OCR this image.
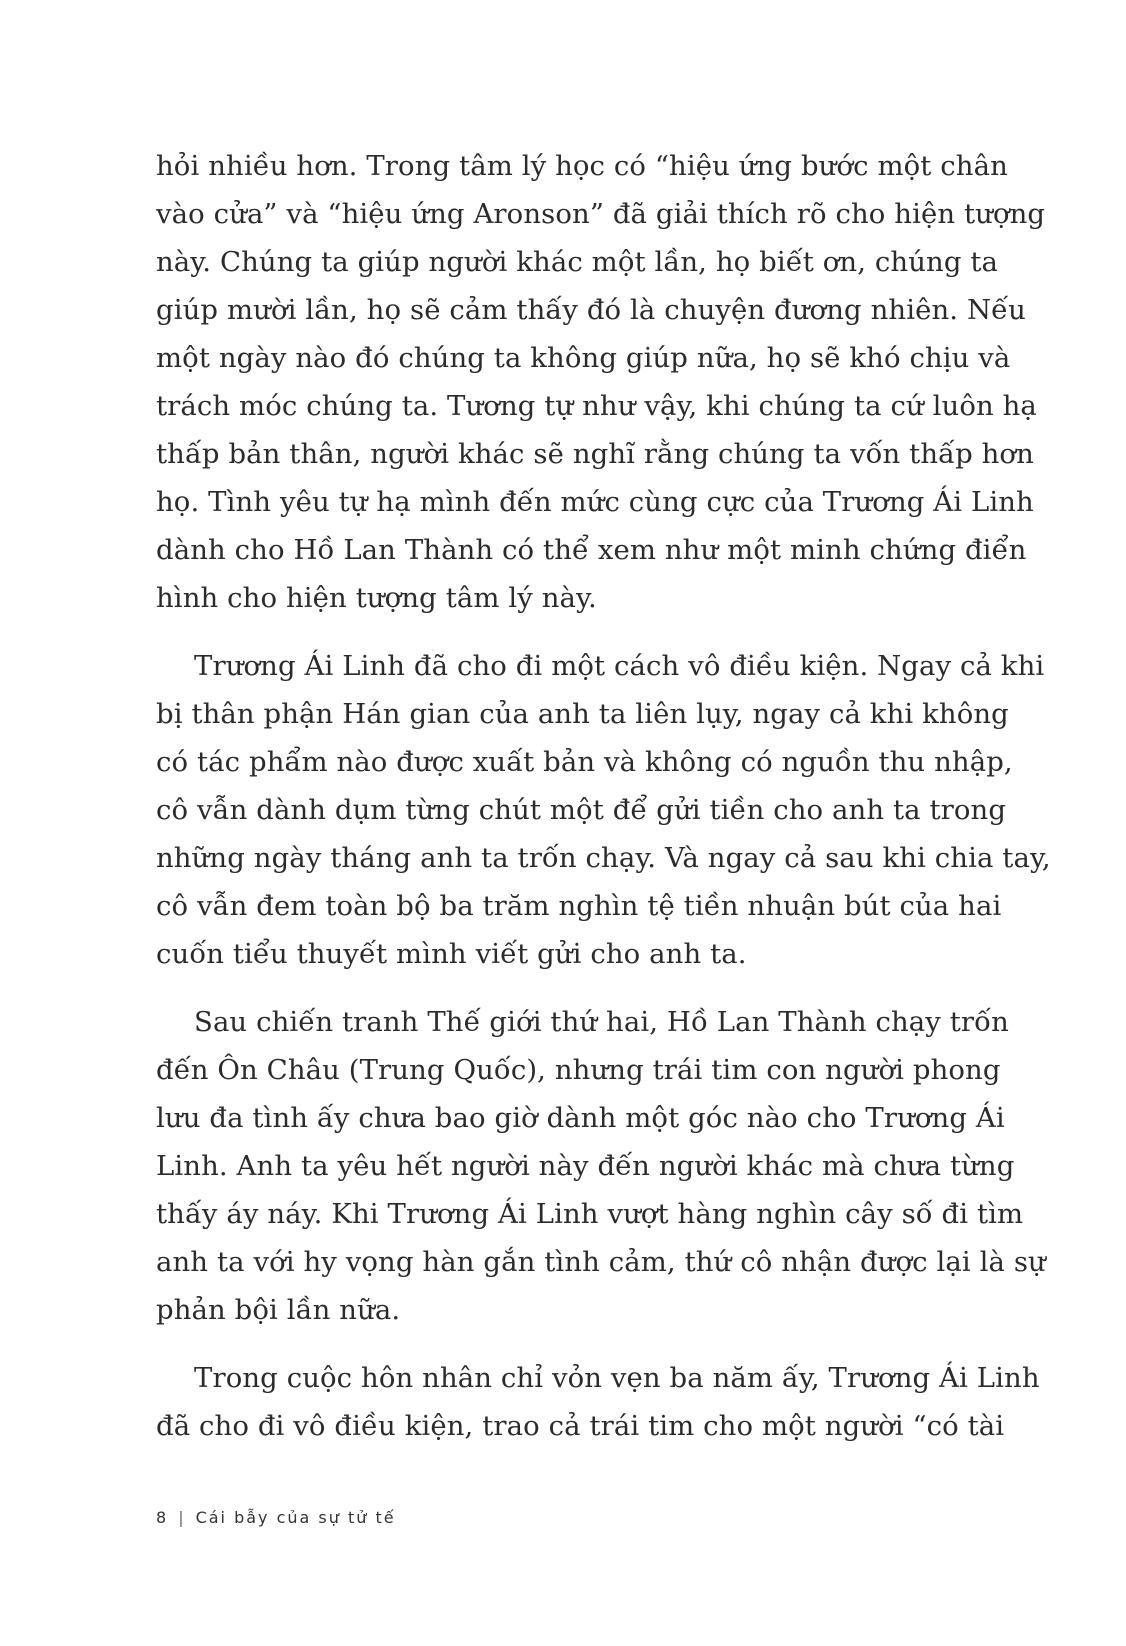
hỏi nhiều hơn. Trong tâm lý học có “hiệu ứng bước một chân
vào cửa” và “hiệu ứng Aronson” đã giải thích rõ cho hiện tượng
này. Chúng ta giúp người khác một lần, họ biết ơn, chúng ta
giúp mười lần, họ sẽ cảm thấy đó là chuyện đương nhiên. Nếu
một ngày nào đó chúng ta không giúp nữa, họ sẽ khó chịu và
trách móc chúng ta. Tương tự như vậy, khi chúng ta cứ luôn hạ
thấp bản thân, người khác sẽ nghĩ rằng chúng ta vốn thấp hơn
họ. Tình yêu tự hạ mình đến mức cùng cực của Trương Ái Linh
dành cho Hồ Lan Thành có thể xem như một minh chứng điển
hình cho hiện tượng tâm lý này.
Trương Ái Linh đã cho đi một cách vô điều kiện. Ngay cả khi
bị thân phận Hán gian của anh ta liên lụy, ngay cả khi không
có tác phẩm nào được xuất bản và không có nguồn thu nhập,
cô vẫn dành dụm từng chút một để gửi tiền cho anh ta trong
những ngày tháng anh ta trốn chạy. Và ngay cả sau khi chia tay,
cô vẫn đem toàn bộ ba trăm nghìn tệ tiền nhuận bút của hai
cuốn tiểu thuyết mình viết gửi cho anh ta.
Sau chiến tranh Thế giới thứ hai, Hồ Lan Thành chạy trốn
đến Ôn Châu (Trung Quốc), nhưng trái tim con người phong
lưu đa tình ấy chưa bao giờ dành một góc nào cho Trương Ái
Linh. Anh ta yêu hết người này đến người khác mà chưa từng
thấy áy náy. Khi Trương Ái Linh vượt hàng nghìn cây số đi tìm
anh ta với hy vọng hàn gắn tình cảm, thứ cô nhận được lại là sự
phản bội lần nữa.
Trong cuộc hôn nhân chỉ vỏn vẹn ba năm ấy, Trương Ái Linh
đã cho đi vô điều kiện, trao cả trái tim cho một người “có tài
8 | Cái bẫy của sự tử tế
